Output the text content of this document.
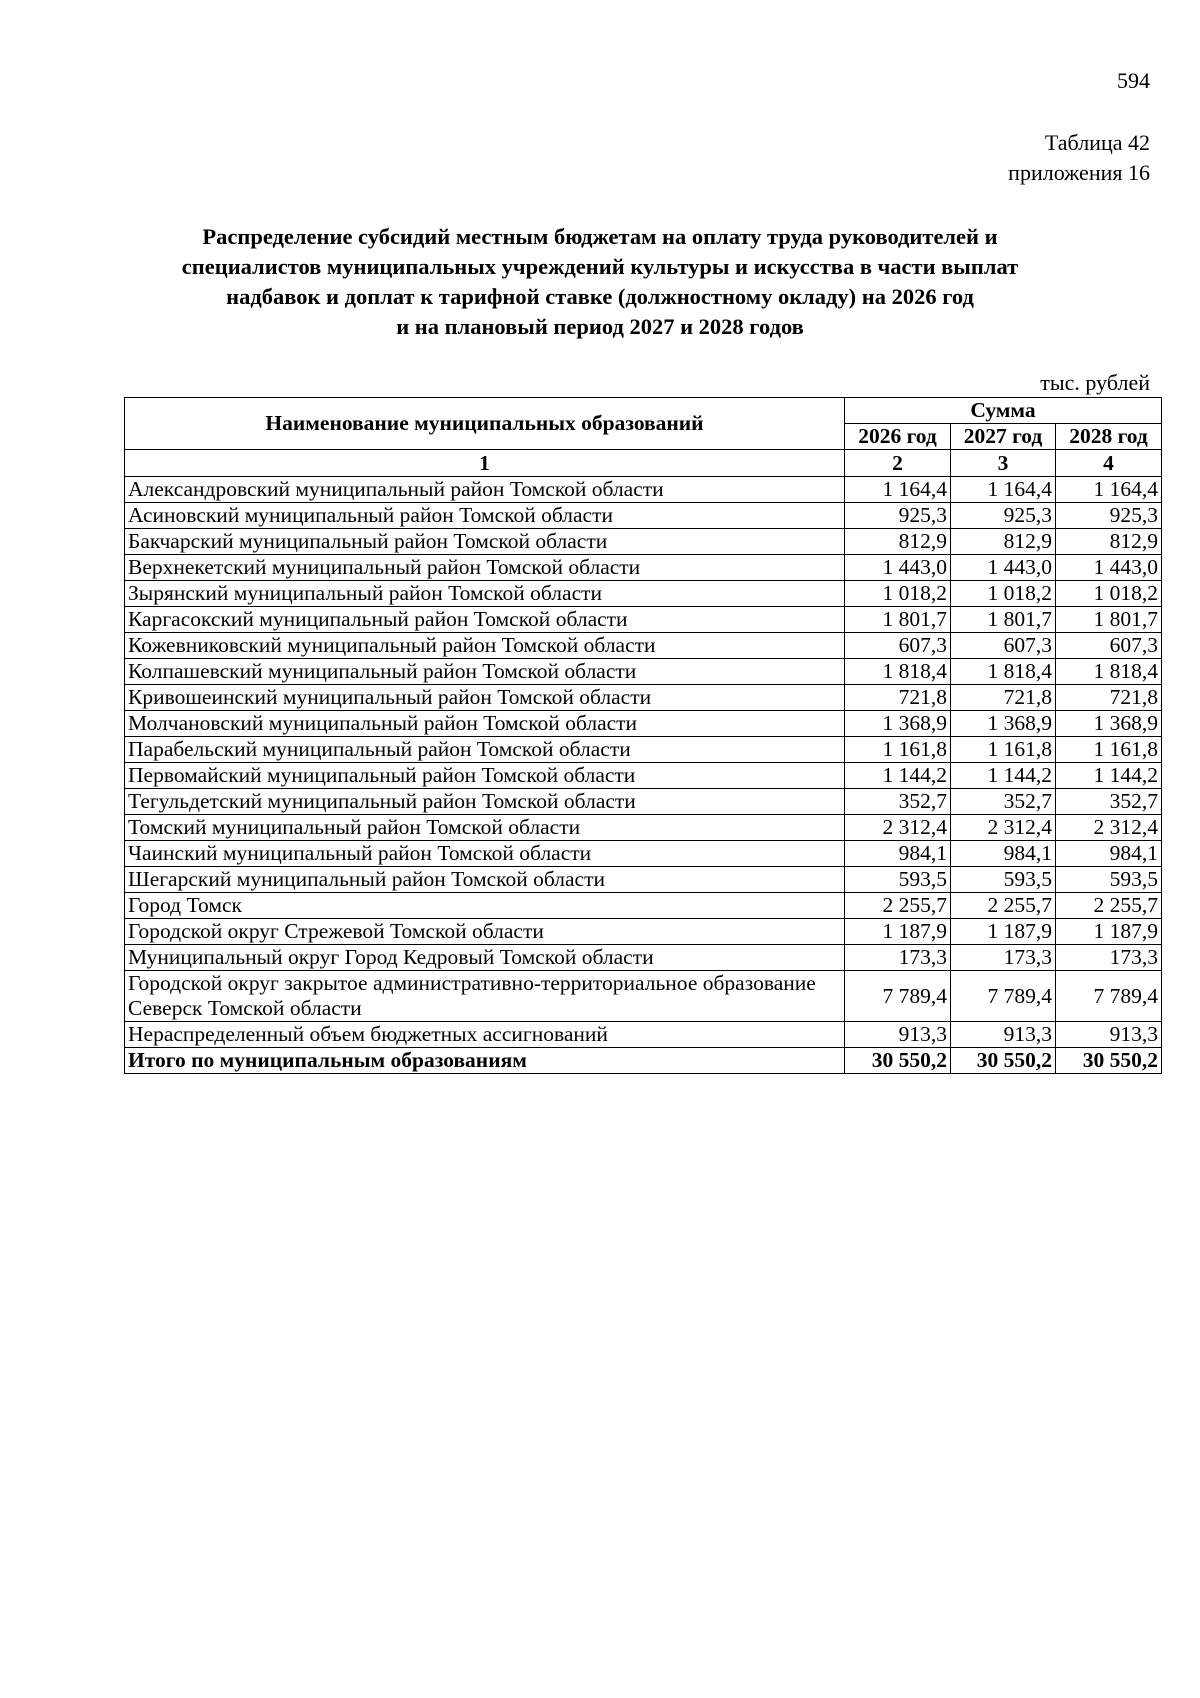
594
Таблица 42
приложения 16
Распределение субсидий местным бюджетам на оплату труда руководителей и
специалистов муниципальных учреждений культуры и искусства в части выплат
надбавок и доплат к тарифной ставке (должностному окладу) на 2026 год
и на плановый период 2027 и 2028 годов
тыс. рублей
Наименование муниципальных образований	Сумма		
	2026 год	2027 год	2028 год
1	2	3	4
Александровский муниципальный район Томской области	1 164,4	1 164,4	1 164,4
Асиновский муниципальный район Томской области	925,3	925,3	925,3
Бакчарский муниципальный район Томской области	812,9	812,9	812,9
Верхнекетский муниципальный район Томской области	1 443,0	1 443,0	1 443,0
Зырянский муниципальный район Томской области	1 018,2	1 018,2	1 018,2
Каргасокский муниципальный район Томской области	1 801,7	1 801,7	1 801,7
Кожевниковский муниципальный район Томской области	607,3	607,3	607,3
Колпашевский муниципальный район Томской области	1 818,4	1 818,4	1 818,4
Кривошеинский муниципальный район Томской области	721,8	721,8	721,8
Молчановский муниципальный район Томской области	1 368,9	1 368,9	1 368,9
Парабельский муниципальный район Томской области	1 161,8	1 161,8	1 161,8
Первомайский муниципальный район Томской области	1 144,2	1 144,2	1 144,2
Тегульдетский муниципальный район Томской области	352,7	352,7	352,7
Томский муниципальный район Томской области	2 312,4	2 312,4	2 312,4
Чаинский муниципальный район Томской области	984,1	984,1	984,1
Шегарский муниципальный район Томской области	593,5	593,5	593,5
Город Томск	2 255,7	2 255,7	2 255,7
Городской округ Стрежевой Томской области	1 187,9	1 187,9	1 187,9
Муниципальный округ Город Кедровый Томской области	173,3	173,3	173,3
Городской округ закрытое административно-территориальное образование Северск Томской области	7 789,4	7 789,4	7 789,4
Нераспределенный объем бюджетных ассигнований	913,3	913,3	913,3
Итого по муниципальным образованиям	30 550,2	30 550,2	30 550,2
